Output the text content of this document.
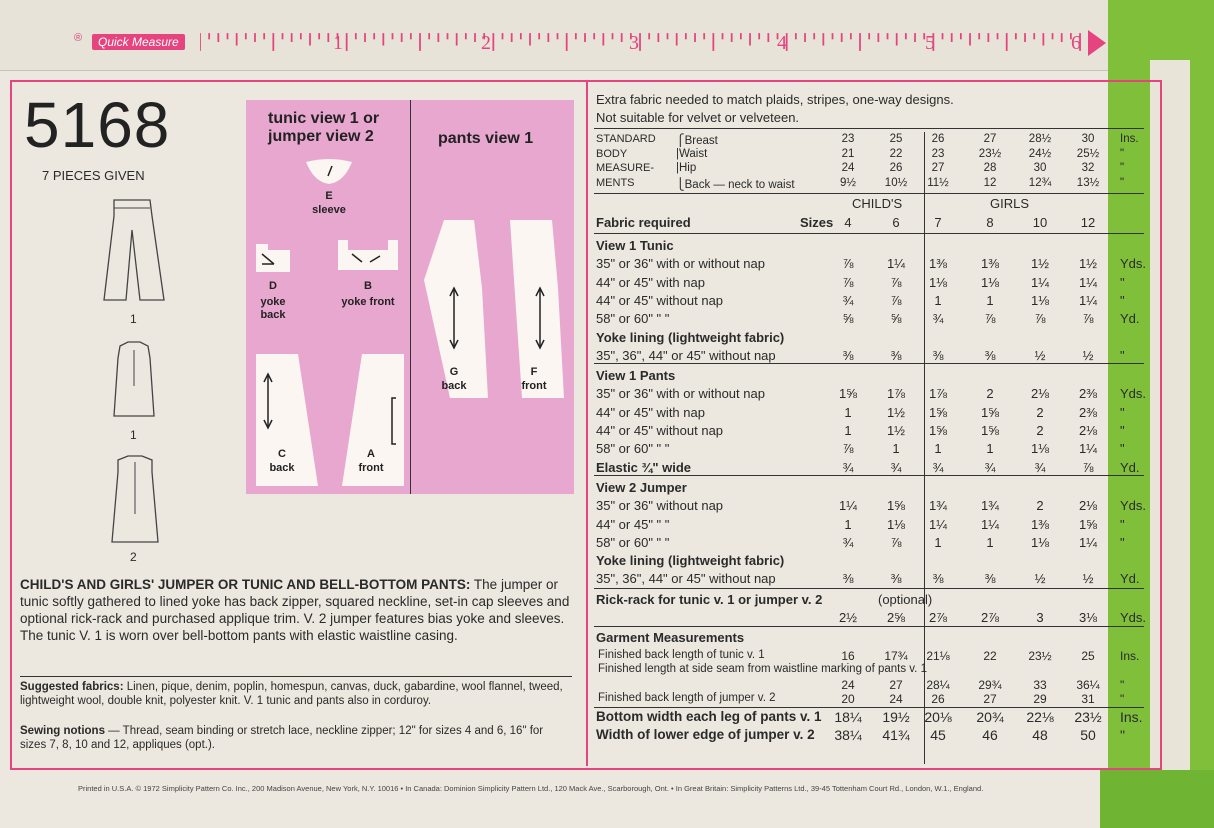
®	Quick Measure	1	2	3	4	5	6
5168
7 PIECES GIVEN
1
1
2
tunic view 1 or jumper view 2	pants view 1
E
sleeve
D
yoke back
B
yoke front
C
back
A
front
G
back
F
front
CHILD'S AND GIRLS' JUMPER OR TUNIC AND BELL-BOTTOM PANTS: The jumper or tunic softly gathered to lined yoke has back zipper, squared neckline, set-in cap sleeves and optional rick-rack and purchased applique trim. V. 2 jumper features bias yoke and sleeves. The tunic V. 1 is worn over bell-bottom pants with elastic waistline casing.
Suggested fabrics: Linen, pique, denim, poplin, homespun, canvas, duck, gabardine, wool flannel, tweed, lightweight wool, double knit, polyester knit. V. 1 tunic and pants also in corduroy.
Sewing notions — Thread, seam binding or stretch lace, neckline zipper; 12" for sizes 4 and 6, 16" for sizes 7, 8, 10 and 12, appliques (opt.).
Extra fabric needed to match plaids, stripes, one-way designs.
Not suitable for velvet or velveteen.
STANDARD
BODY
MEASURE-
MENTS
⎧Breast	23	25	26	27	28½	30	Ins.
|Waist	21	22	23	23½	24½	25½	"
|Hip	24	26	27	28	30	32	"
⎩Back — neck to waist	9½	10½	11½	12	12¾	13½	"
CHILD'S	GIRLS
Fabric required	Sizes 4	6	7	8	10	12
View 1 Tunic
35" or 36" with or without nap	⅞	1¼	1⅜	1⅜	1½	1½	Yds.
44" or 45" with nap	⅞	⅞	1⅛	1⅛	1¼	1¼	"
44" or 45" without nap	¾	⅞	1	1	1⅛	1¼	"
58" or 60" " "	⅝	⅝	¾	⅞	⅞	⅞	Yd.
Yoke lining (lightweight fabric)
35", 36", 44" or 45" without nap	⅜	⅜	⅜	⅜	½	½	"
View 1 Pants
35" or 36" with or without nap	1⅝	1⅞	1⅞	2	2⅛	2⅜	Yds.
44" or 45" with nap	1	1½	1⅝	1⅝	2	2⅜	"
44" or 45" without nap	1	1½	1⅝	1⅝	2	2⅛	"
58" or 60" " "	⅞	1	1	1	1⅛	1¼	"
Elastic ¾" wide	¾	¾	¾	¾	¾	⅞	Yd.
View 2 Jumper
35" or 36" without nap	1¼	1⅝	1¾	1¾	2	2⅛	Yds.
44" or 45" " "	1	1⅛	1¼	1¼	1⅜	1⅝	"
58" or 60" " "	¾	⅞	1	1	1⅛	1¼	"
Yoke lining (lightweight fabric)
35", 36", 44" or 45" without nap	⅜	⅜	⅜	⅜	½	½	Yd.
Rick-rack for tunic v. 1 or jumper v. 2	(optional)
2½	2⅝	2⅞	2⅞	3	3⅛	Yds.
Garment Measurements
Finished back length of tunic v. 1	16	17¾	21⅛	22	23½	25	Ins.
Finished length at side seam from waistline marking of pants v. 1
24	27	28¼	29¾	33	36¼	"
Finished back length of jumper v. 2	20	24	26	27	29	31	"
Bottom width each leg of pants v. 1 18¼	19½	20⅛	20¾	22⅛	23½	Ins.
Width of lower edge of jumper v. 2	38¼	41¾	45	46	48	50	"
Printed in U.S.A. © 1972 Simplicity Pattern Co. Inc., 200 Madison Avenue, New York, N.Y. 10016 • In Canada: Dominion Simplicity Pattern Ltd., 120 Mack Ave., Scarborough, Ont. • In Great Britain: Simplicity Patterns Ltd., 39-45 Tottenham Court Rd., London, W.1., England.
